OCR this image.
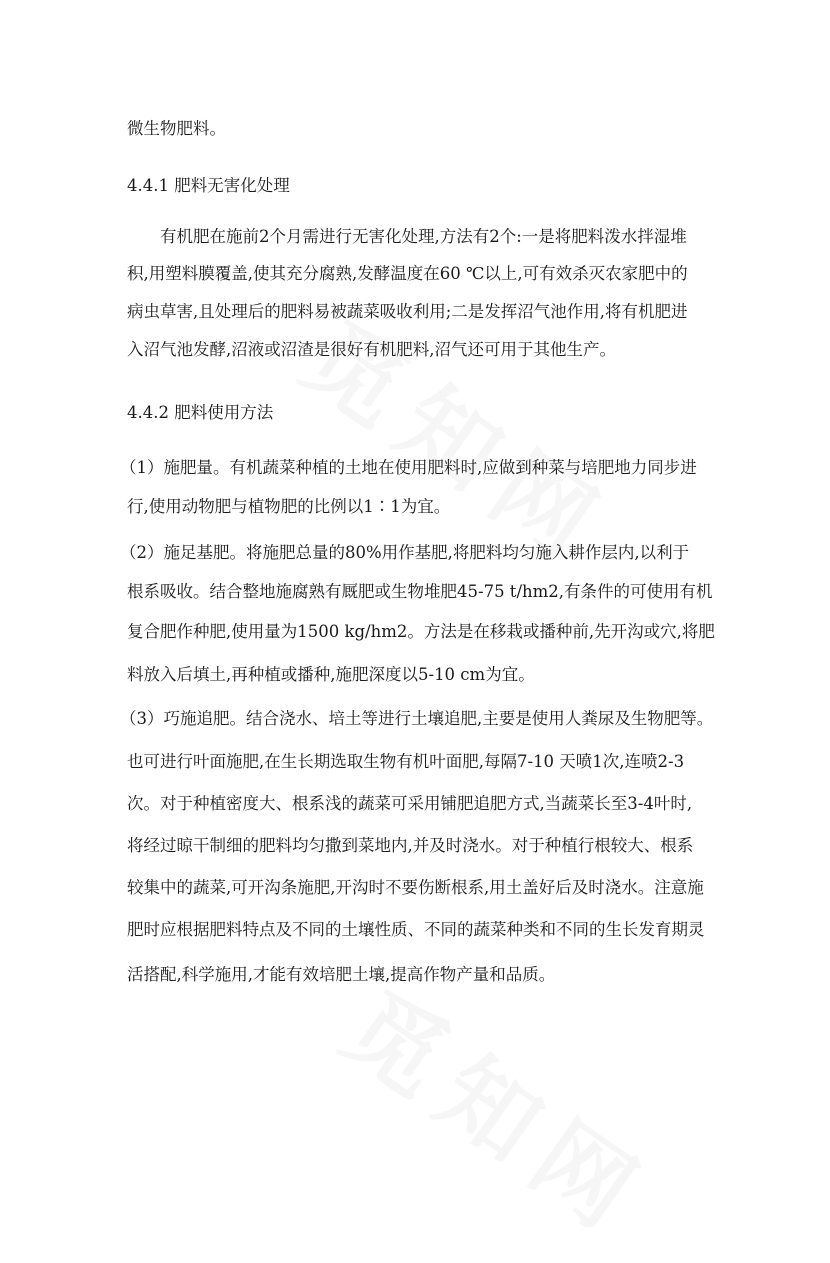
微生物肥料。
4.4.1 肥料无害化处理
有机肥在施前2个月需进行无害化处理,方法有2个:一是将肥料泼水拌湿堆
积,用塑料膜覆盖,使其充分腐熟,发酵温度在60 ℃以上,可有效杀灭农家肥中的
病虫草害,且处理后的肥料易被蔬菜吸收利用;二是发挥沼气池作用,将有机肥进
入沼气池发酵,沼液或沼渣是很好有机肥料,沼气还可用于其他生产。
4.4.2 肥料使用方法
（1）施肥量。有机蔬菜种植的土地在使用肥料时,应做到种菜与培肥地力同步进
行,使用动物肥与植物肥的比例以1∶1为宜。
（2）施足基肥。将施肥总量的80%用作基肥,将肥料均匀施入耕作层内,以利于
根系吸收。结合整地施腐熟有厩肥或生物堆肥45-75 t/hm2,有条件的可使用有机
复合肥作种肥,使用量为1500 kg/hm2。方法是在移栽或播种前,先开沟或穴,将肥
料放入后填土,再种植或播种,施肥深度以5-10 cm为宜。
（3）巧施追肥。结合浇水、培土等进行土壤追肥,主要是使用人粪尿及生物肥等。
也可进行叶面施肥,在生长期选取生物有机叶面肥,每隔7-10 天喷1次,连喷2-3
次。对于种植密度大、根系浅的蔬菜可采用铺肥追肥方式,当蔬菜长至3-4叶时,
将经过晾干制细的肥料均匀撒到菜地内,并及时浇水。对于种植行根较大、根系
较集中的蔬菜,可开沟条施肥,开沟时不要伤断根系,用土盖好后及时浇水。注意施
肥时应根据肥料特点及不同的土壤性质、不同的蔬菜种类和不同的生长发育期灵
活搭配,科学施用,才能有效培肥土壤,提高作物产量和品质。
